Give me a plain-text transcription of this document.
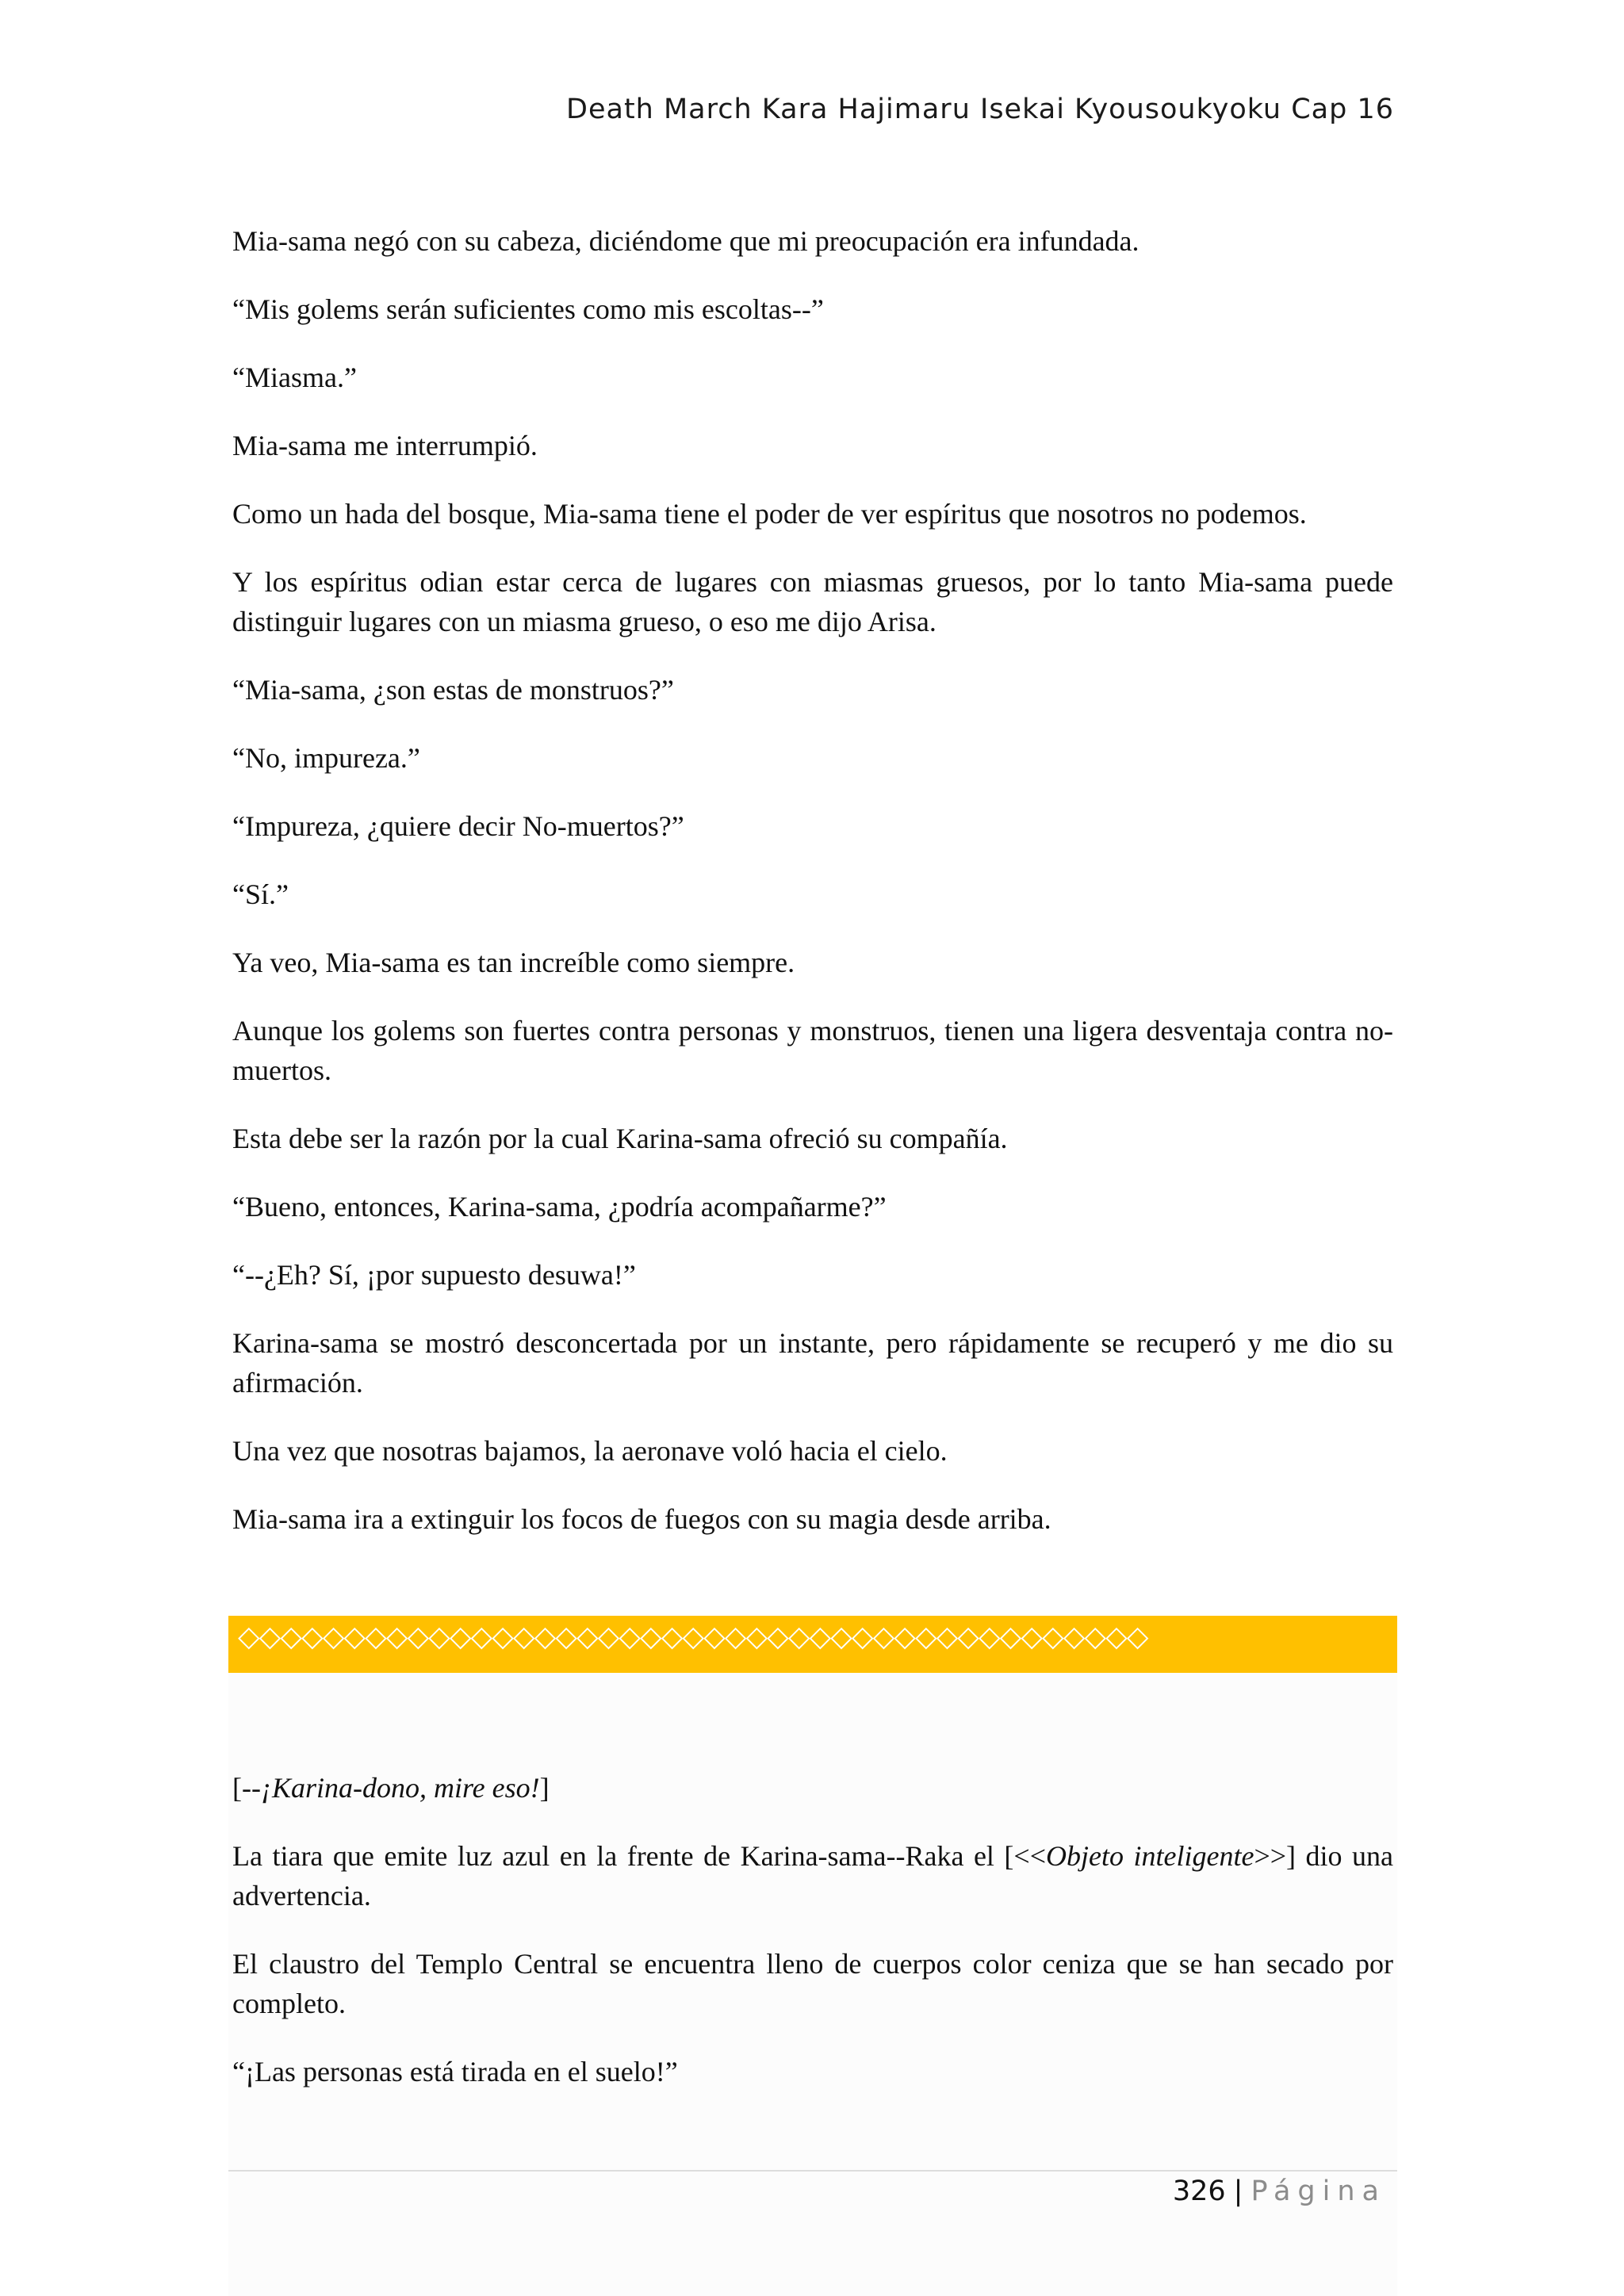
Death March Kara Hajimaru Isekai Kyousoukyoku Cap 16

Mia-sama negó con su cabeza, diciéndome que mi preocupación era infundada.

“Mis golems serán suficientes como mis escoltas--”

“Miasma.”

Mia-sama me interrumpió.

Como un hada del bosque, Mia-sama tiene el poder de ver espíritus que nosotros no podemos.

Y los espíritus odian estar cerca de lugares con miasmas gruesos, por lo tanto Mia-sama puede distinguir lugares con un miasma grueso, o eso me dijo Arisa.

“Mia-sama, ¿son estas de monstruos?”

“No, impureza.”

“Impureza, ¿quiere decir No-muertos?”

“Sí.”

Ya veo, Mia-sama es tan increíble como siempre.

Aunque los golems son fuertes contra personas y monstruos, tienen una ligera desventaja contra no-muertos.

Esta debe ser la razón por la cual Karina-sama ofreció su compañía.

“Bueno, entonces, Karina-sama, ¿podría acompañarme?”

“--¿Eh? Sí, ¡por supuesto desuwa!”

Karina-sama se mostró desconcertada por un instante, pero rápidamente se recuperó y me dio su afirmación.

Una vez que nosotras bajamos, la aeronave voló hacia el cielo.

Mia-sama ira a extinguir los focos de fuegos con su magia desde arriba.

◇◇◇◇◇◇◇◇◇◇◇◇◇◇◇◇◇◇◇◇◇◇◇◇◇◇◇◇◇◇◇◇◇◇◇◇◇◇◇◇◇◇◇

[--¡Karina-dono, mire eso!]

La tiara que emite luz azul en la frente de Karina-sama--Raka el [<<Objeto inteligente>>] dio una advertencia.

El claustro del Templo Central se encuentra lleno de cuerpos color ceniza que se han secado por completo.

“¡Las personas está tirada en el suelo!”

326 | Página
